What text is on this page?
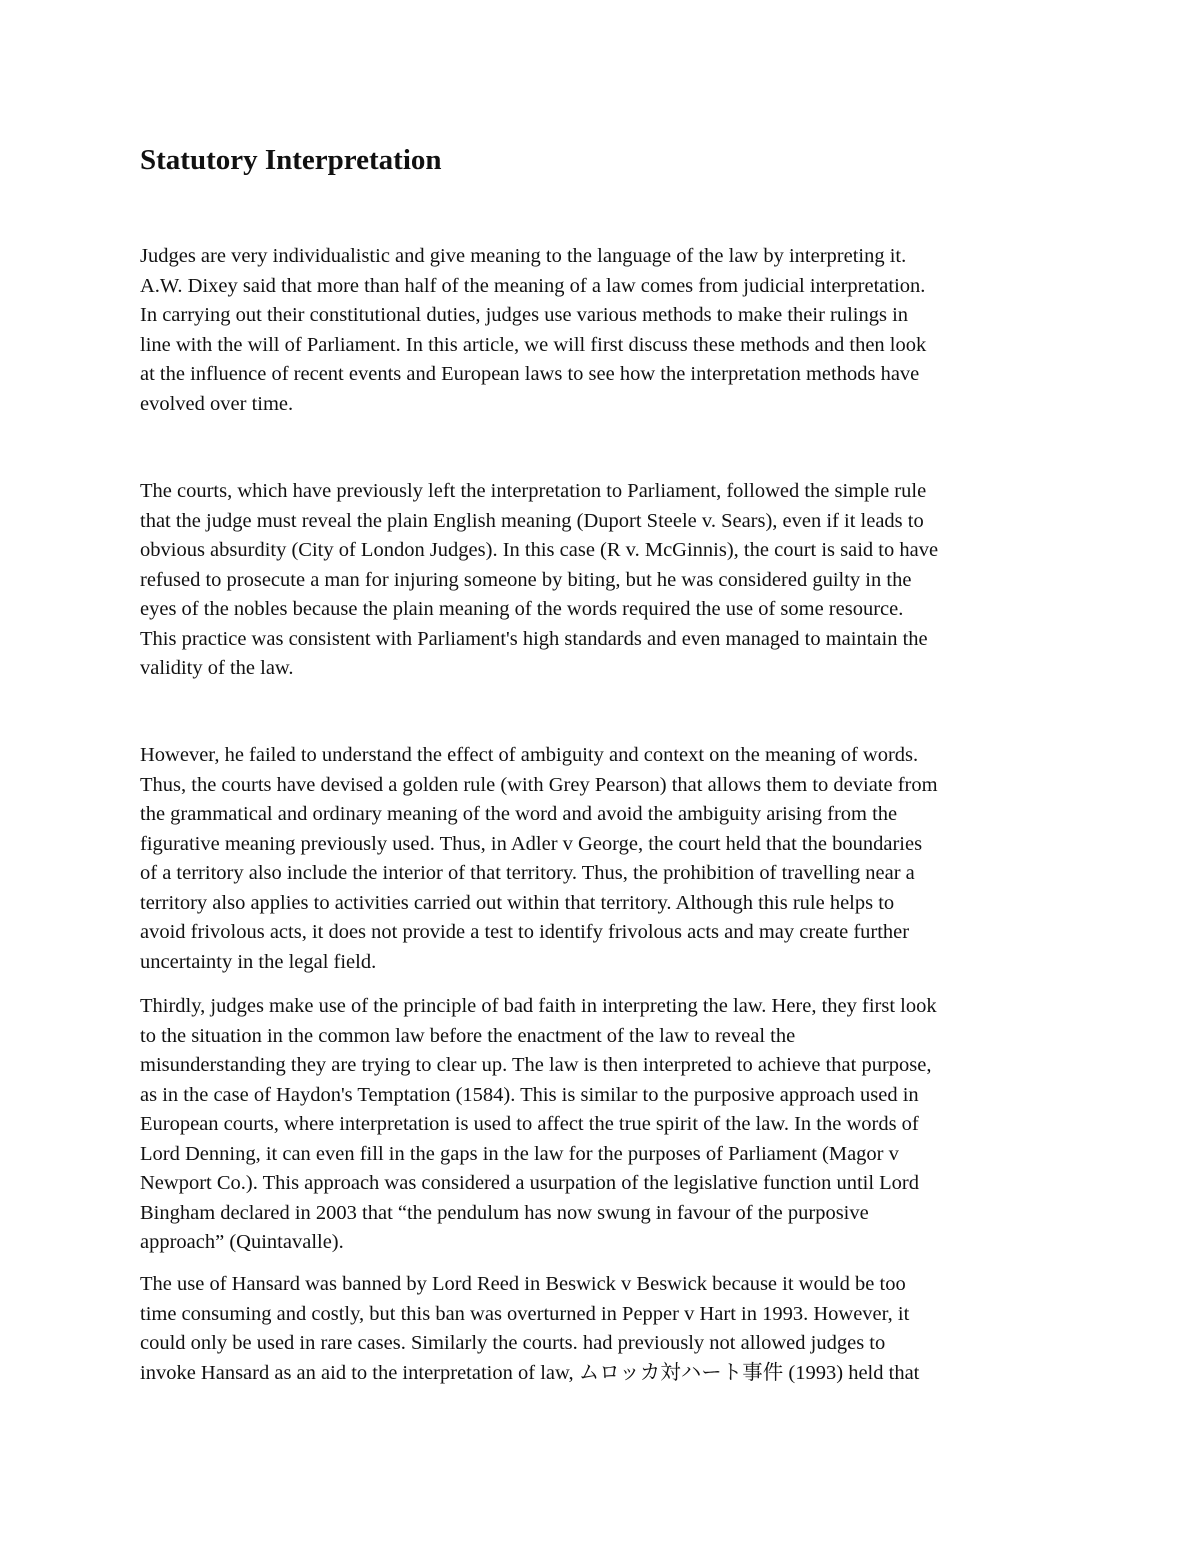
Statutory Interpretation
Judges are very individualistic and give meaning to the language of the law by interpreting it.
A.W. Dixey said that more than half of the meaning of a law comes from judicial interpretation.
In carrying out their constitutional duties, judges use various methods to make their rulings in
line with the will of Parliament. In this article, we will first discuss these methods and then look
at the influence of recent events and European laws to see how the interpretation methods have
evolved over time.
The courts, which have previously left the interpretation to Parliament, followed the simple rule
that the judge must reveal the plain English meaning (Duport Steele v. Sears), even if it leads to
obvious absurdity (City of London Judges). In this case (R v. McGinnis), the court is said to have
refused to prosecute a man for injuring someone by biting, but he was considered guilty in the
eyes of the nobles because the plain meaning of the words required the use of some resource.
This practice was consistent with Parliament's high standards and even managed to maintain the
validity of the law.
However, he failed to understand the effect of ambiguity and context on the meaning of words.
Thus, the courts have devised a golden rule (with Grey Pearson) that allows them to deviate from
the grammatical and ordinary meaning of the word and avoid the ambiguity arising from the
figurative meaning previously used. Thus, in Adler v George, the court held that the boundaries
of a territory also include the interior of that territory. Thus, the prohibition of travelling near a
territory also applies to activities carried out within that territory. Although this rule helps to
avoid frivolous acts, it does not provide a test to identify frivolous acts and may create further
uncertainty in the legal field.
Thirdly, judges make use of the principle of bad faith in interpreting the law. Here, they first look
to the situation in the common law before the enactment of the law to reveal the
misunderstanding they are trying to clear up. The law is then interpreted to achieve that purpose,
as in the case of Haydon's Temptation (1584). This is similar to the purposive approach used in
European courts, where interpretation is used to affect the true spirit of the law. In the words of
Lord Denning, it can even fill in the gaps in the law for the purposes of Parliament (Magor v
Newport Co.). This approach was considered a usurpation of the legislative function until Lord
Bingham declared in 2003 that “the pendulum has now swung in favour of the purposive
approach” (Quintavalle).
The use of Hansard was banned by Lord Reed in Beswick v Beswick because it would be too
time consuming and costly, but this ban was overturned in Pepper v Hart in 1993. However, it
could only be used in rare cases. Similarly the courts. had previously not allowed judges to
invoke Hansard as an aid to the interpretation of law, ムロッカ対ハート事件 (1993) held that
